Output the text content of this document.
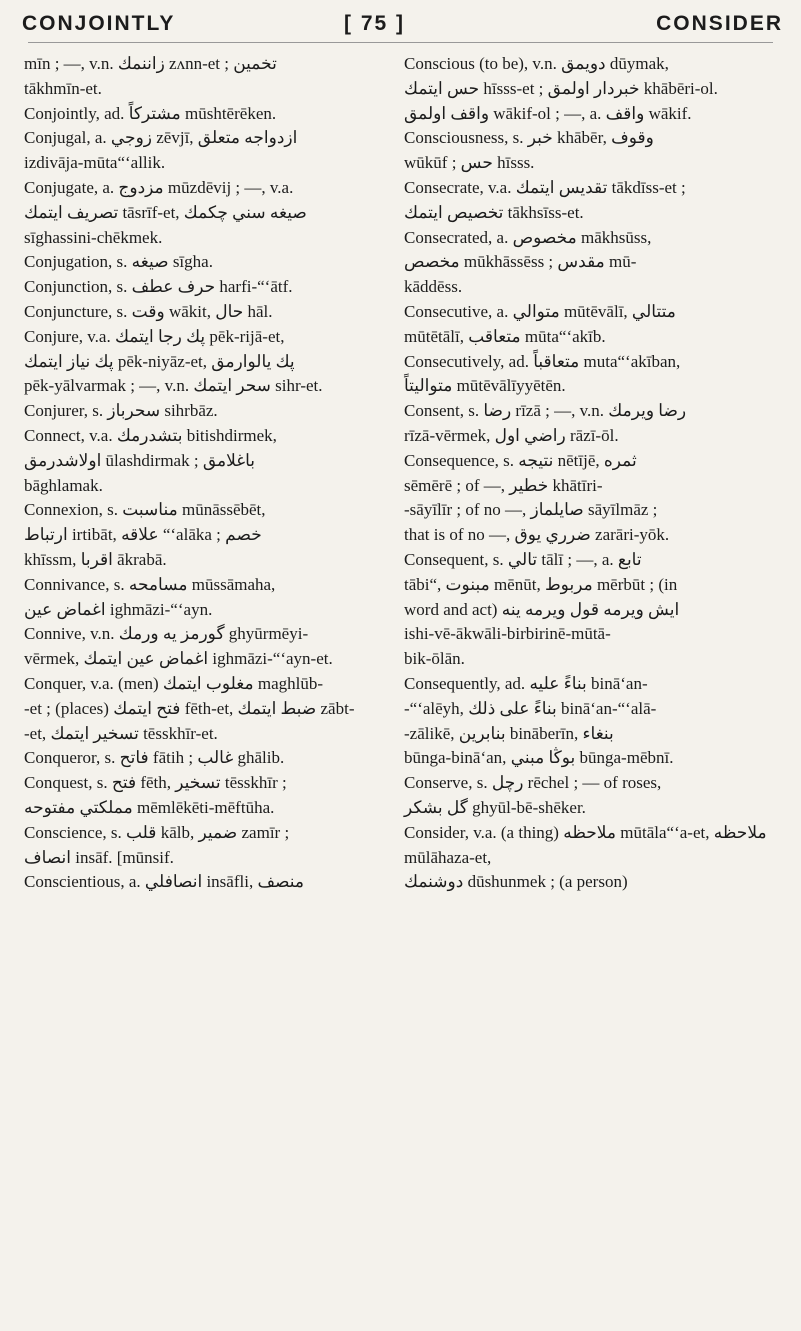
CONJOINTLY	[ 75 ]	CONSIDER
mīn ; —, v.n. زاننمك zʌnn-et ; تخمين
tākhmīn-et.
Conjointly, ad. مشتركاً mūshtērēken.
Conjugal, a. زوجي zēvjī, ازدواجه متعلق
izdivāja-mūta“‘allik.
Conjugate, a. مزدوج mūzdēvij ; —, v.a.
تصريف ايتمك tāsrīf-et, صيغه سني چكمك
sīghassini-chēkmek.
Conjugation, s. صيغه sīgha.
Conjunction, s. حرف عطف harfi-“‘ātf.
Conjuncture, s. وقت wākit, حال hāl.
Conjure, v.a. پك رجا ايتمك pēk-rijā-et,
پك نياز ايتمك pēk-niyāz-et, پك يالوارمق
pēk-yālvarmak ; —, v.n. سحر ايتمك sihr-et.
Conjurer, s. سحرباز sihrbāz.
Connect, v.a. بتشدرمك bitishdirmek,
اولاشدرمق ūlashdirmak ; باغلامق
bāghlamak.
Connexion, s. مناسبت mūnāssēbēt,
ارتباط irtibāt, علاقه “‘alāka ; خصم
khīssm, اقربا ākrabā.
Connivance, s. مسامحه mūssāmaha,
اغماض عين ighmāzi-“‘ayn.
Connive, v.n. گورمز يه ورمك ghyūrmēyi-
vērmek, اغماض عين ايتمك ighmāzi-“‘ayn-et.
Conquer, v.a. (men) مغلوب ايتمك maghlūb-
-et ; (places) فتح ايتمك fēth-et, ضبط ايتمك zābt-
-et, تسخير ايتمك tēsskhīr-et.
Conqueror, s. فاتح fātih ; غالب ghālib.
Conquest, s. فتح fēth, تسخير tēsskhīr ;
مملكتي مفتوحه mēmlēkēti-mēftūha.
Conscience, s. قلب kālb, ضمير zamīr ;
انصاف insāf. [mūnsif.
Conscientious, a. انصافلي insāfli, منصف
Conscious (to be), v.n. دويمق dūymak,
حس ايتمك hīsss-et ; خبردار اولمق khābēri-ol.
واقف اولمق wākif-ol ; —, a. واقف wākif.
Consciousness, s. خبر khābēr, وقوف
wūkūf ; حس hīsss.
Consecrate, v.a. تقديس ايتمك tākdīss-et ;
تخصيص ايتمك tākhsīss-et.
Consecrated, a. مخصوص mākhsūss,
مخصص mūkhāssēss ; مقدس mū-
kāddēss.
Consecutive, a. متوالي mūtēvālī, متتالي
mūtētālī, متعاقب mūta“‘akīb.
Consecutively, ad. متعاقباً muta“‘akīban,
متواليتاً mūtēvālīyyētēn.
Consent, s. رضا rīzā ; —, v.n. رضا ويرمك
rīzā-vērmek, راضي اول rāzī-ōl.
Consequence, s. نتيجه nētījē, ثمره
sēmērē ; of —, خطير khātīri-
-sāyīlīr ; of no —, صايلماز sāyīlmāz ;
that is of no —, ضرري يوق zarāri-yōk.
Consequent, s. تالي tālī ; —, a. تابع
tābi“, مبنوت mēnūt, مربوط mērbūt ; (in
word and act) ايش ويرمه قول ويرمه ينه
ishi-vē-ākwāli-birbirinē-mūtā-
bik-ōlān.
Consequently, ad. بناءً عليه binā‘an-
-“‘alēyh, بناءً على ذلك binā‘an-“‘alā-
-zālikē, بنابرين bināberīn, بنغاء
būnga-binā‘an, بوڭا مبني būnga-mēbnī.
Conserve, s. رچل rēchel ; — of roses,
گل بشكر ghyūl-bē-shēker.
Consider, v.a. (a thing) ملاحظه mūtāla“‘a-et, ملاحظه mūlāhaza-et,
دوشنمك dūshunmek ; (a person)
